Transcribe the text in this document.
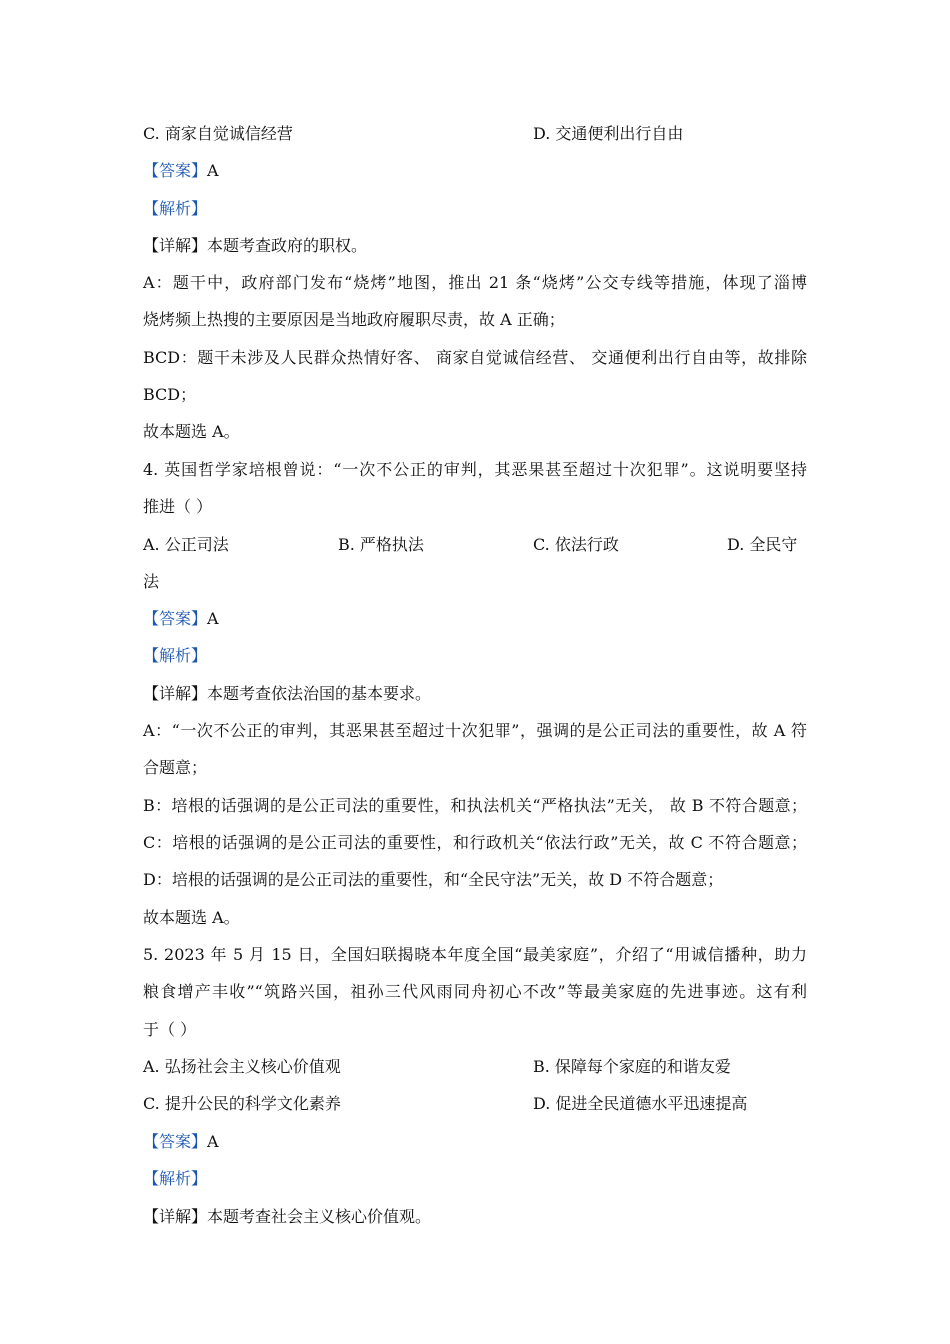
C. 商家自觉诚信经营	D. 交通便利出行自由
【答案】A
【解析】
【详解】本题考查政府的职权。
A：题干中，政府部门发布“烧烤”地图，推出 21 条“烧烤”公交专线等措施，体现了淄博
烧烤频上热搜的主要原因是当地政府履职尽责，故 A 正确；
BCD：题干未涉及人民群众热情好客、 商家自觉诚信经营、 交通便利出行自由等，故排除
BCD；
故本题选 A。
4. 英国哲学家培根曾说：“一次不公正的审判，其恶果甚至超过十次犯罪”。这说明要坚持
推进（ ）
A. 公正司法	B. 严格执法	C. 依法行政	D. 全民守
法
【答案】A
【解析】
【详解】本题考查依法治国的基本要求。
A：“一次不公正的审判，其恶果甚至超过十次犯罪”，强调的是公正司法的重要性，故 A 符
合题意；
B：培根的话强调的是公正司法的重要性，和执法机关“严格执法”无关， 故 B 不符合题意；
C：培根的话强调的是公正司法的重要性，和行政机关“依法行政”无关，故 C 不符合题意；
D：培根的话强调的是公正司法的重要性，和“全民守法”无关，故 D 不符合题意；
故本题选 A。
5. 2023 年 5 月 15 日，全国妇联揭晓本年度全国“最美家庭”，介绍了“用诚信播种，助力
粮食增产丰收”“筑路兴国，祖孙三代风雨同舟初心不改”等最美家庭的先进事迹。这有利
于（ ）
A. 弘扬社会主义核心价值观	B. 保障每个家庭的和谐友爱
C. 提升公民的科学文化素养	D. 促进全民道德水平迅速提高
【答案】A
【解析】
【详解】本题考查社会主义核心价值观。
